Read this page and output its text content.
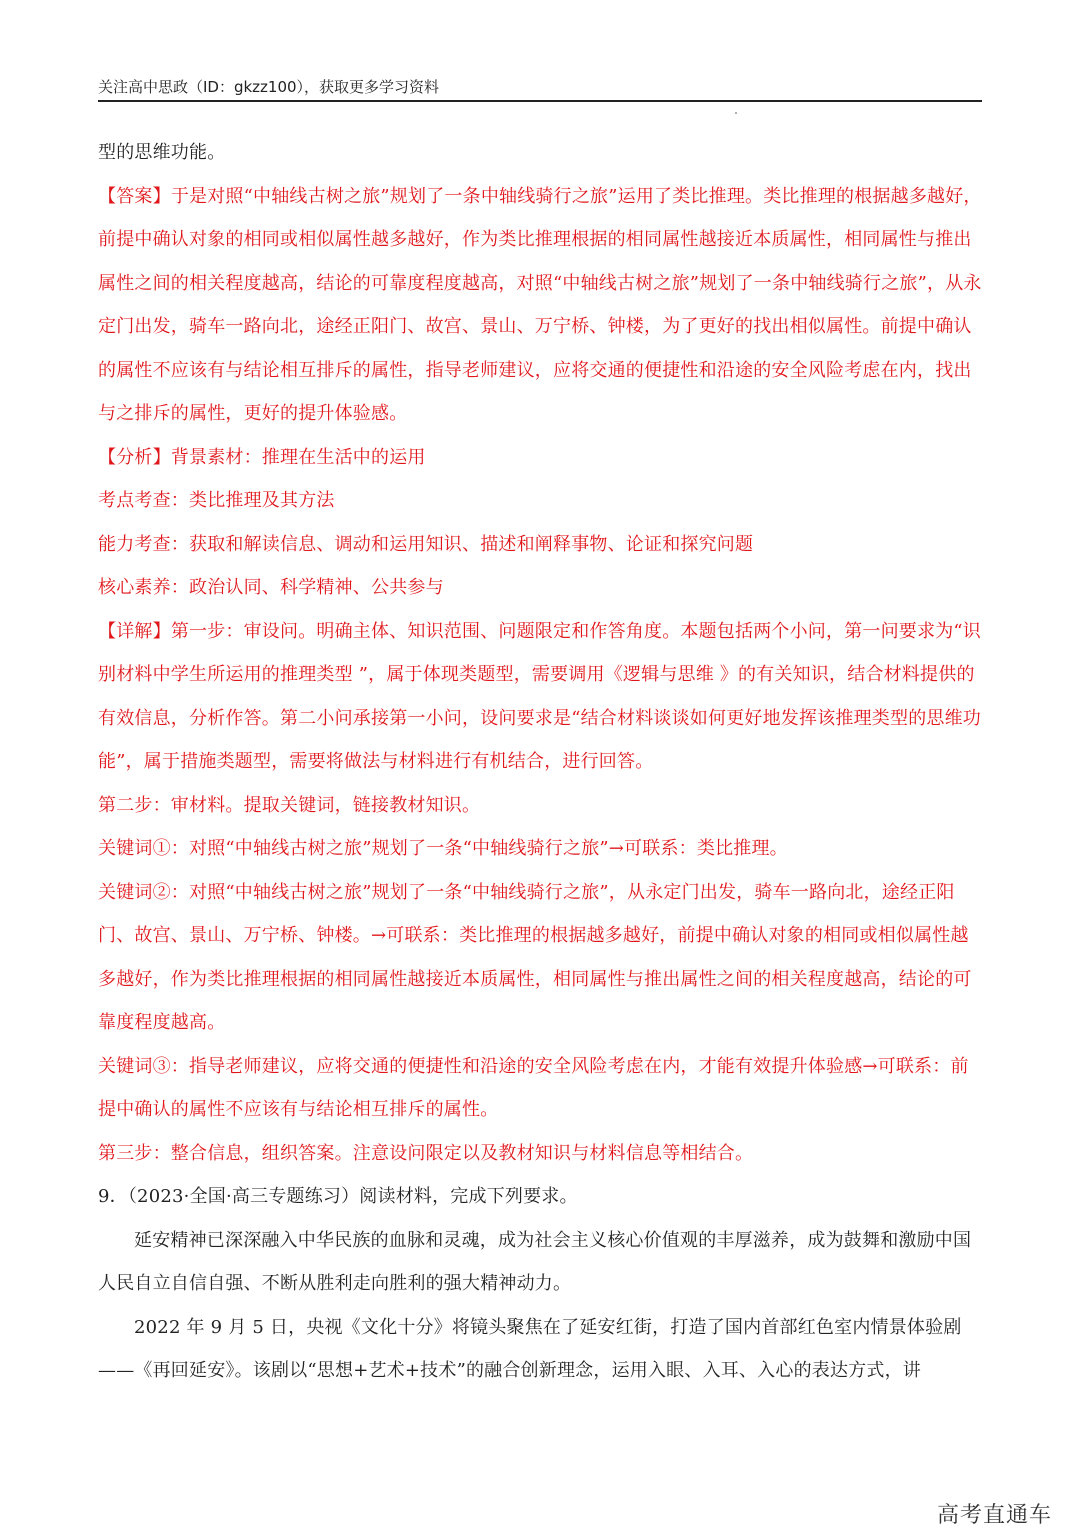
关注高中思政（ID：gkzz100），获取更多学习资料

型的思维功能。

【答案】于是对照“中轴线古树之旅”规划了一条中轴线骑行之旅”运用了类比推理。类比推理的根据越多越好，前提中确认对象的相同或相似属性越多越好，作为类比推理根据的相同属性越接近本质属性，相同属性与推出属性之间的相关程度越高，结论的可靠度程度越高，对照“中轴线古树之旅”规划了一条中轴线骑行之旅”，从永定门出发，骑车一路向北，途经正阳门、故宫、景山、万宁桥、钟楼，为了更好的找出相似属性。前提中确认的属性不应该有与结论相互排斥的属性，指导老师建议，应将交通的便捷性和沿途的安全风险考虑在内，找出与之排斥的属性，更好的提升体验感。

【分析】背景素材：推理在生活中的运用

考点考查：类比推理及其方法

能力考查：获取和解读信息、调动和运用知识、描述和阐释事物、论证和探究问题

核心素养：政治认同、科学精神、公共参与

【详解】第一步：审设问。明确主体、知识范围、问题限定和作答角度。本题包括两个小问，第一问要求为“识别材料中学生所运用的推理类型 ”，属于体现类题型，需要调用《逻辑与思维 》的有关知识，结合材料提供的有效信息，分析作答。第二小问承接第一小问，设问要求是“结合材料谈谈如何更好地发挥该推理类型的思维功能”，属于措施类题型，需要将做法与材料进行有机结合，进行回答。

第二步：审材料。提取关键词，链接教材知识。

关键词①：对照“中轴线古树之旅”规划了一条“中轴线骑行之旅”→可联系：类比推理。

关键词②：对照“中轴线古树之旅”规划了一条“中轴线骑行之旅”，从永定门出发，骑车一路向北，途经正阳门、故宫、景山、万宁桥、钟楼。→可联系：类比推理的根据越多越好，前提中确认对象的相同或相似属性越多越好，作为类比推理根据的相同属性越接近本质属性，相同属性与推出属性之间的相关程度越高，结论的可靠度程度越高。

关键词③：指导老师建议，应将交通的便捷性和沿途的安全风险考虑在内，才能有效提升体验感→可联系：前提中确认的属性不应该有与结论相互排斥的属性。

第三步：整合信息，组织答案。注意设问限定以及教材知识与材料信息等相结合。

9．（2023·全国·高三专题练习）阅读材料，完成下列要求。

延安精神已深深融入中华民族的血脉和灵魂，成为社会主义核心价值观的丰厚滋养，成为鼓舞和激励中国人民自立自信自强、不断从胜利走向胜利的强大精神动力。

2022 年 9 月 5 日，央视《文化十分》将镜头聚焦在了延安红街，打造了国内首部红色室内情景体验剧——《再回延安》。该剧以“思想+艺术+技术”的融合创新理念，运用入眼、入耳、入心的表达方式，讲

高考直通车
